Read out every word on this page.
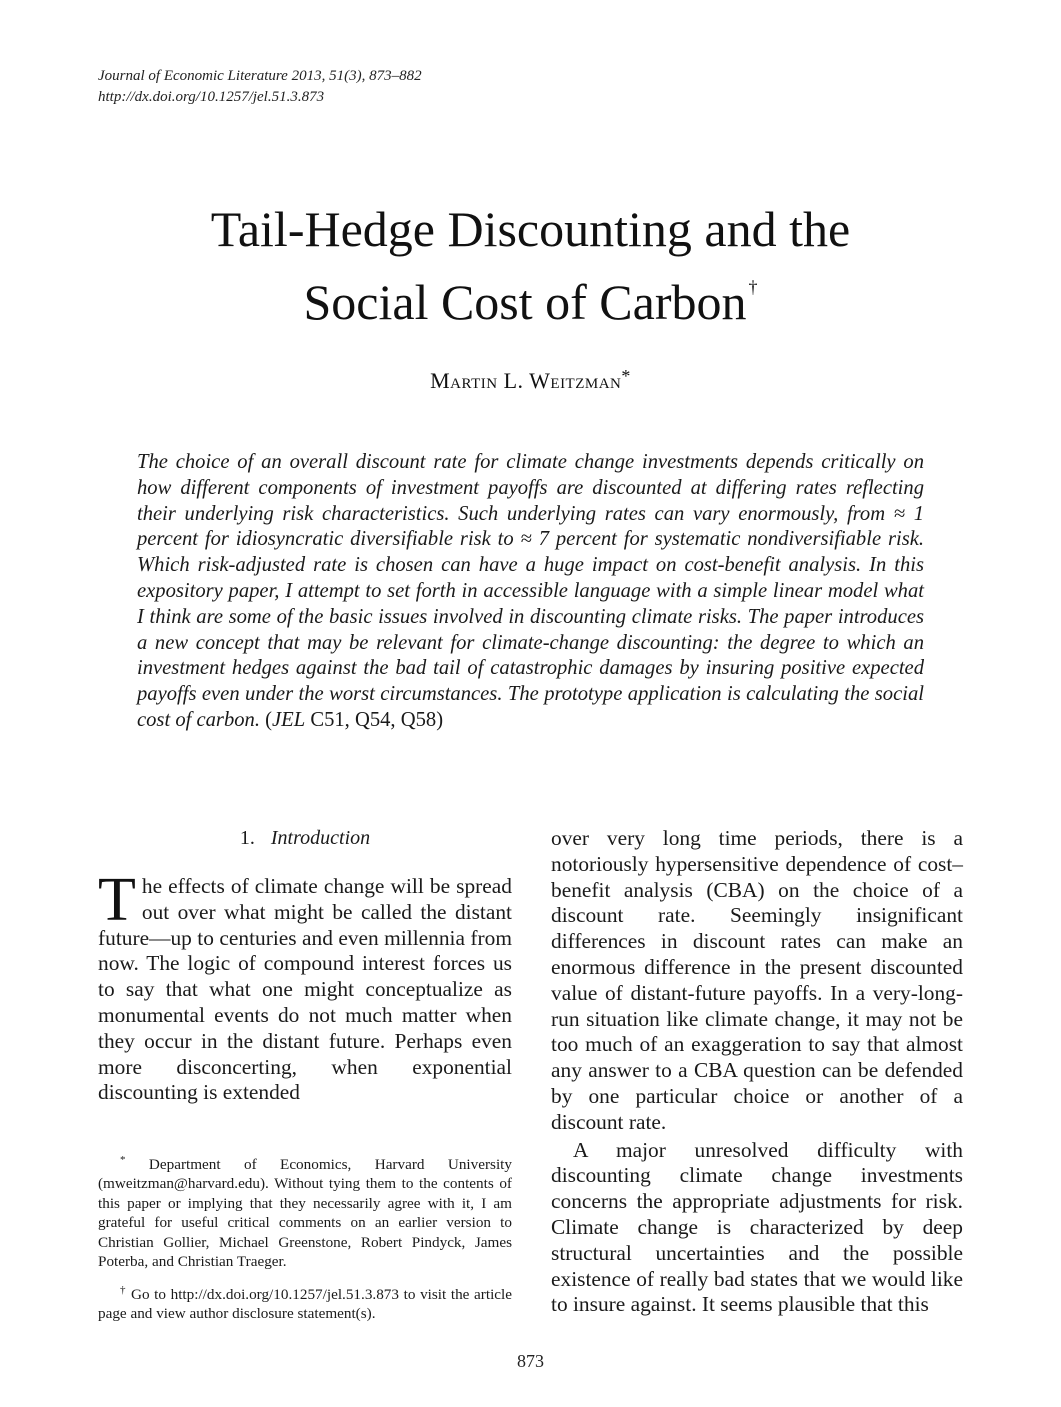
Journal of Economic Literature 2013, 51(3), 873–882
http://dx.doi.org/10.1257/jel.51.3.873
Tail-Hedge Discounting and the
Social Cost of Carbon †
Martin L. Weitzman*
The choice of an overall discount rate for climate change investments depends critically on how different components of investment payoffs are discounted at differing rates reflecting their underlying risk characteristics. Such underlying rates can vary enormously, from ≈ 1 percent for idiosyncratic diversifiable risk to ≈ 7 percent for systematic nondiversifiable risk. Which risk-adjusted rate is chosen can have a huge impact on cost-benefit analysis. In this expository paper, I attempt to set forth in accessible language with a simple linear model what I think are some of the basic issues involved in discounting climate risks. The paper introduces a new concept that may be relevant for climate-change discounting: the degree to which an investment hedges against the bad tail of catastrophic damages by insuring positive expected payoffs even under the worst circumstances. The prototype application is calculating the social cost of carbon. (JEL C51, Q54, Q58)
1. Introduction

The effects of climate change will be spread out over what might be called the distant future—up to centuries and even millennia from now. The logic of compound interest forces us to say that what one might conceptualize as monumental events do not much matter when they occur in the distant future. Perhaps even more disconcerting, when exponential discounting is extended

over very long time periods, there is a notoriously hypersensitive dependence of cost–benefit analysis (CBA) on the choice of a discount rate. Seemingly insignificant differences in discount rates can make an enormous difference in the present discounted value of distant-future payoffs. In a very-long-run situation like climate change, it may not be too much of an exaggeration to say that almost any answer to a CBA question can be defended by one particular choice or another of a discount rate.

A major unresolved difficulty with discounting climate change investments concerns the appropriate adjustments for risk. Climate change is characterized by deep structural uncertainties and the possible existence of really bad states that we would like to insure against. It seems plausible that this

* Department of Economics, Harvard University (mweitzman@harvard.edu). Without tying them to the contents of this paper or implying that they necessarily agree with it, I am grateful for useful critical comments on an earlier version to Christian Gollier, Michael Greenstone, Robert Pindyck, James Poterba, and Christian Traeger.

† Go to http://dx.doi.org/10.1257/jel.51.3.873 to visit the article page and view author disclosure statement(s).

873
